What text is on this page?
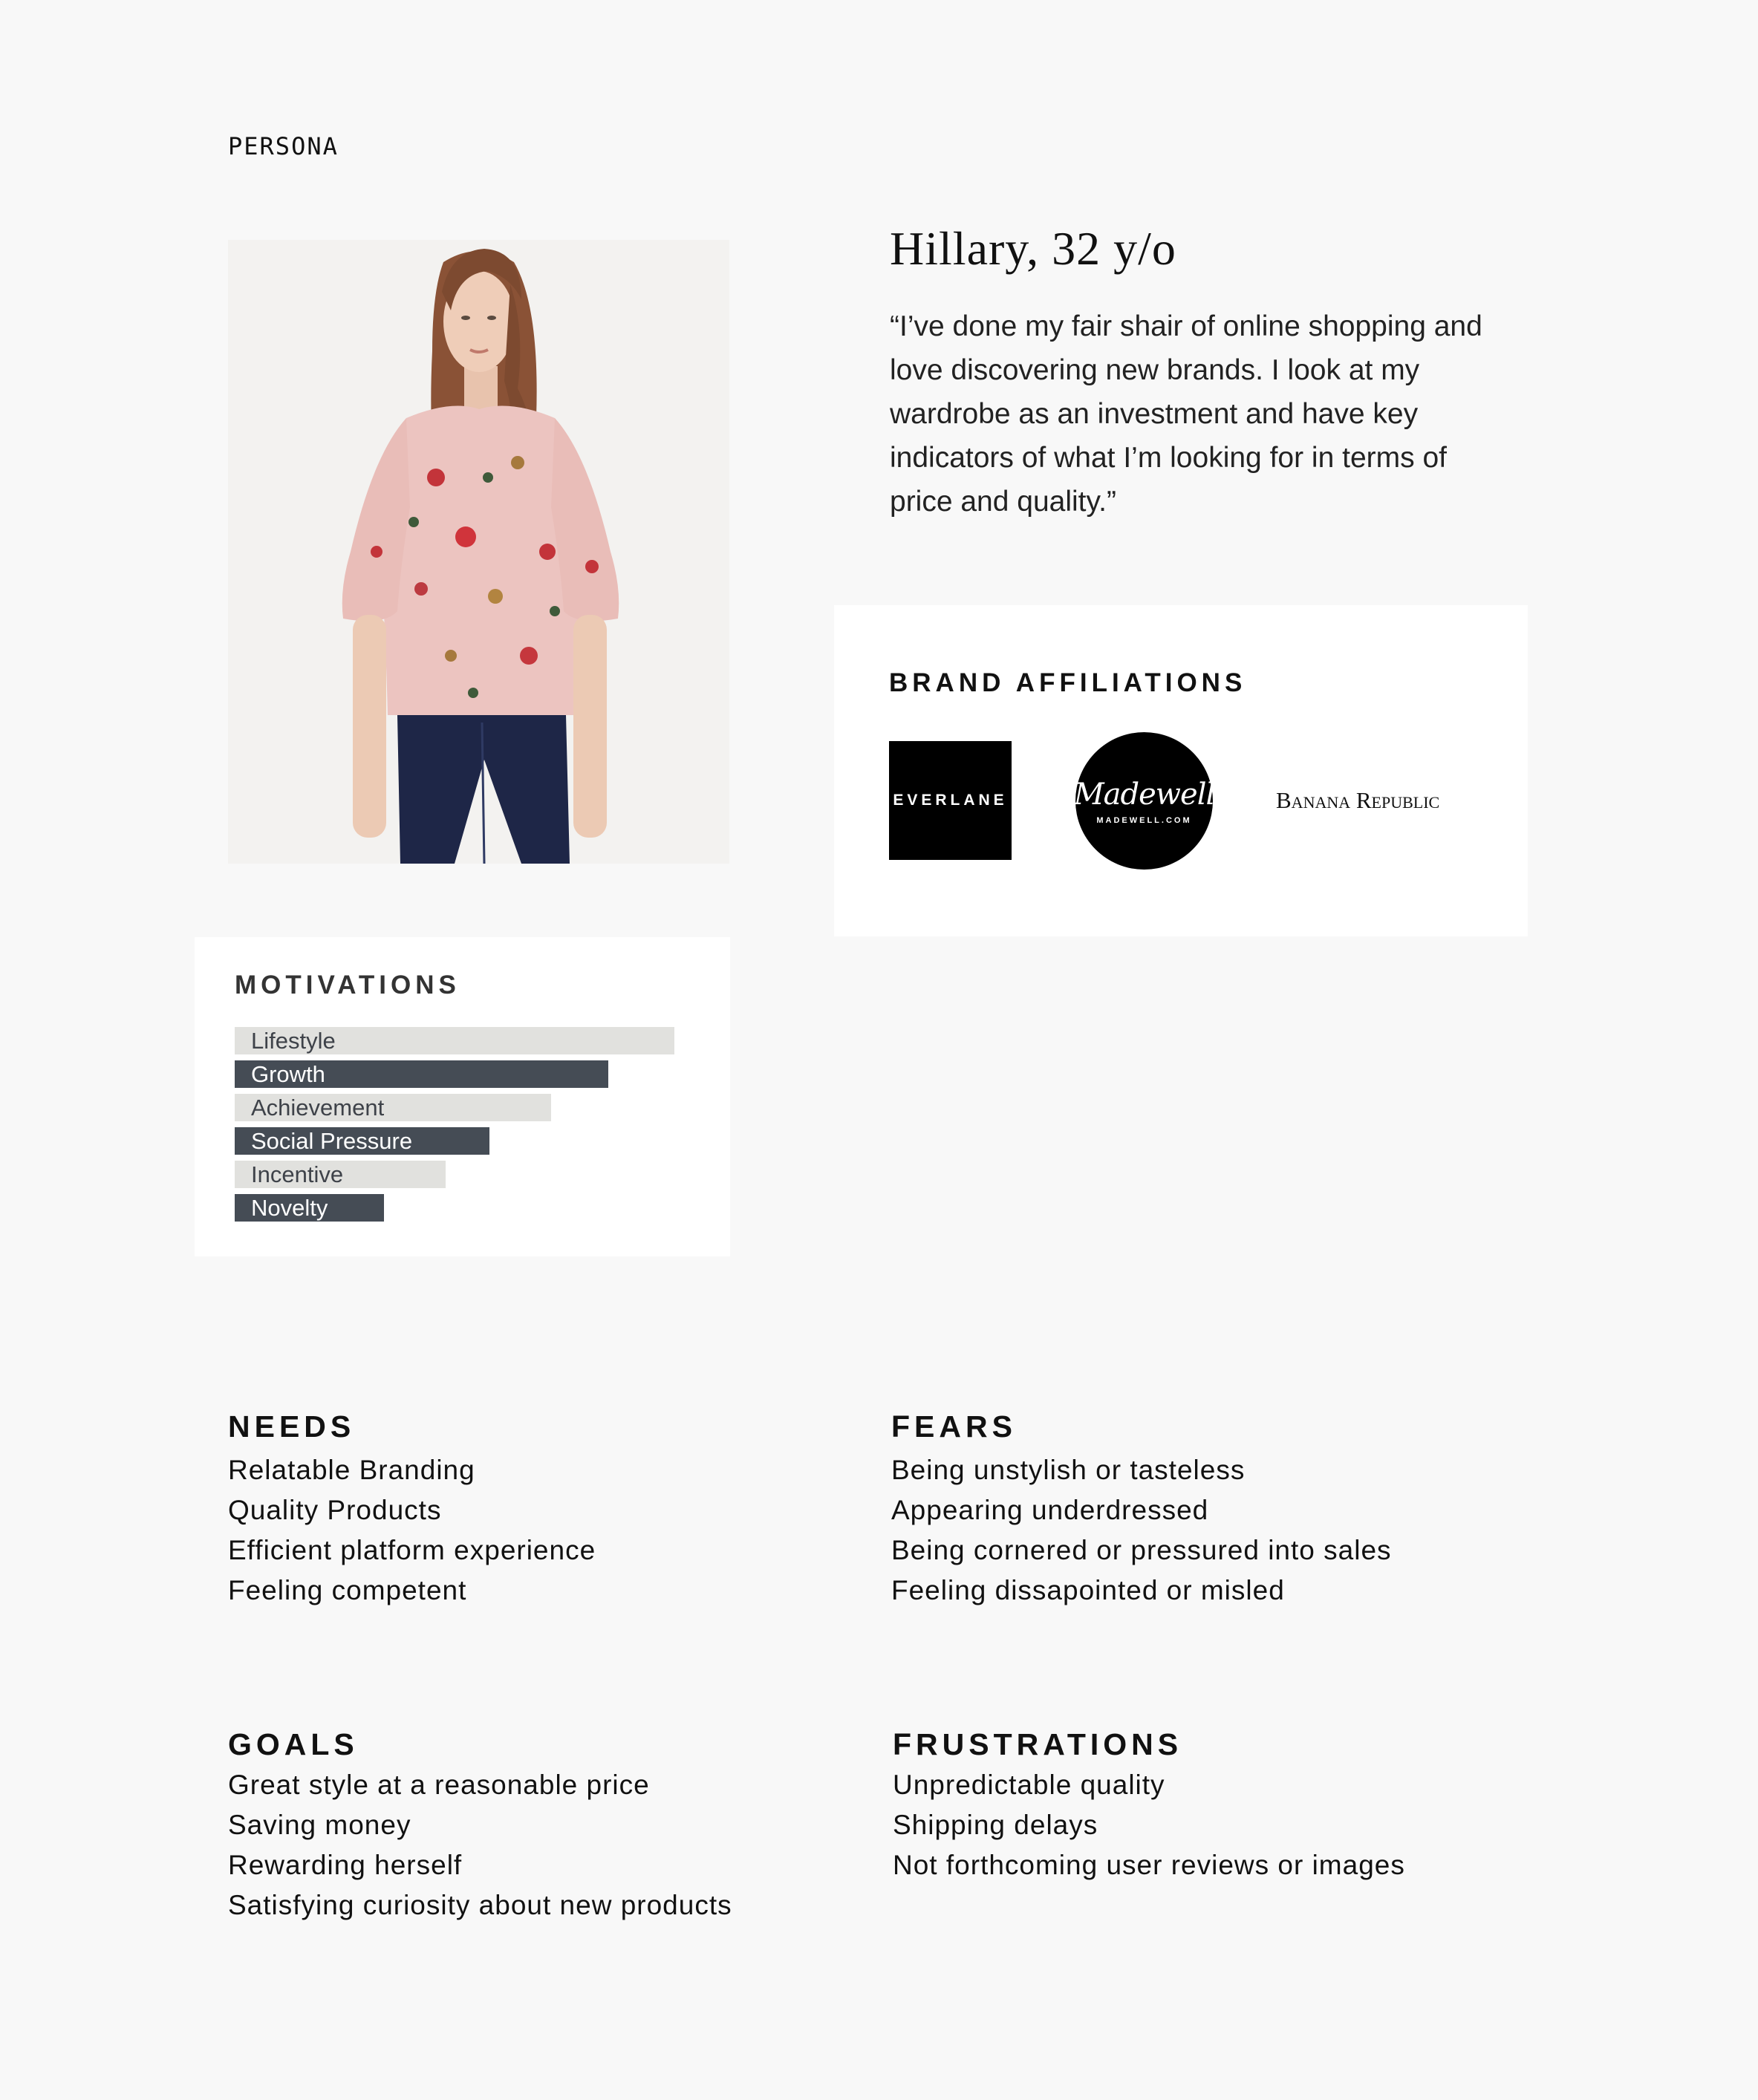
PERSONA
Hillary, 32 y/o

“I’ve done my fair shair of online shopping and love discovering new brands. I look at my wardrobe as an investment and have key indicators of what I’m looking for in terms of price and quality.”

BRAND AFFILIATIONS
EVERLANE Madewell
MADEWELL.COM
Banana Republic
MOTIVATIONS
Lifestyle
Growth
Achievement
Social Pressure
Incentive
Novelty
NEEDS
Relatable Branding
Quality Products
Efficient platform experience
Feeling competent
FEARS
Being unstylish or tasteless
Appearing underdressed
Being cornered or pressured into sales
Feeling dissapointed or misled
GOALS
Great style at a reasonable price
Saving money
Rewarding herself
Satisfying curiosity about new products
FRUSTRATIONS
Unpredictable quality
Shipping delays
Not forthcoming user reviews or images
